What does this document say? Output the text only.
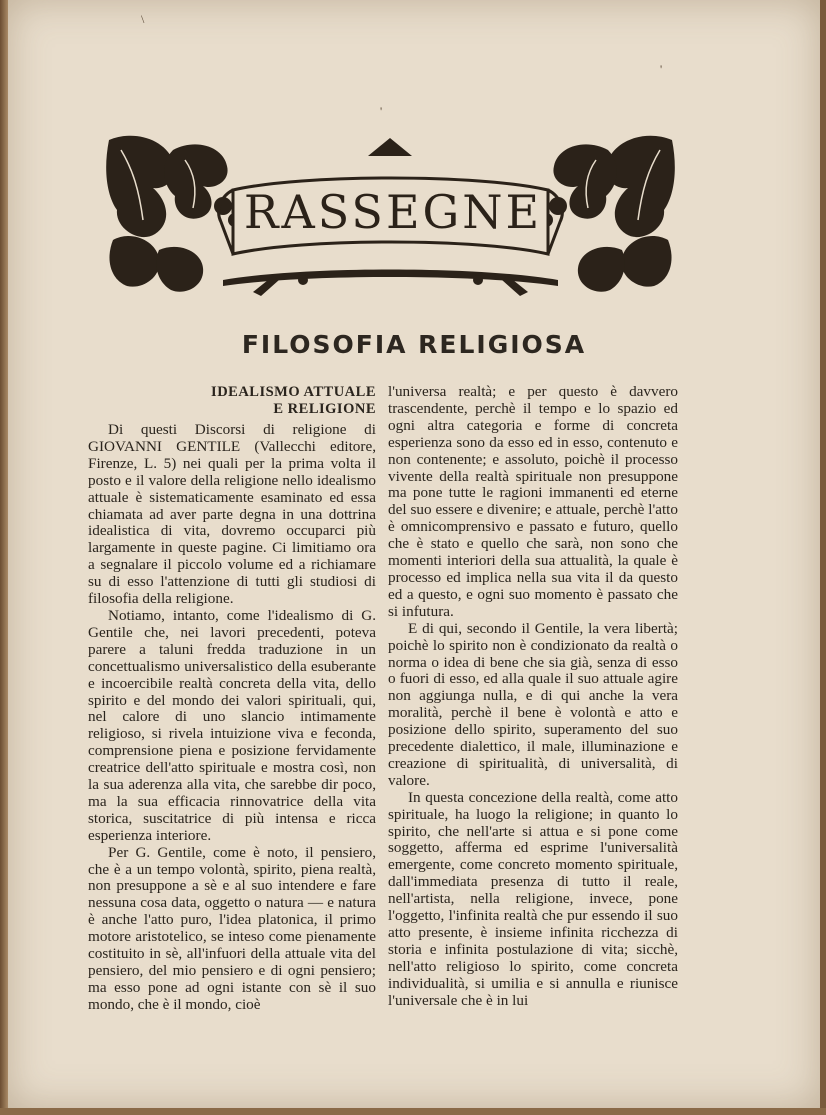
\
'
'
RASSEGNE
FILOSOFIA RELIGIOSA
IDEALISMO ATTUALE
E RELIGIONE

Di questi Discorsi di religione di GIOVANNI GENTILE (Vallecchi editore, Firenze, L. 5) nei quali per la prima volta il posto e il valore della religione nello idealismo attuale è sistematicamente esaminato ed essa chiamata ad aver parte degna in una dottrina idealistica di vita, dovremo occuparci più largamente in queste pagine. Ci limitiamo ora a segnalare il piccolo volume ed a richiamare su di esso l'attenzione di tutti gli studiosi di filosofia della religione.

Notiamo, intanto, come l'idealismo di G. Gentile che, nei lavori precedenti, poteva parere a taluni fredda traduzione in un concettualismo universalistico della esuberante e incoercibile realtà concreta della vita, dello spirito e del mondo dei valori spirituali, qui, nel calore di uno slancio intimamente religioso, si rivela intuizione viva e feconda, comprensione piena e posizione fervidamente creatrice dell'atto spirituale e mostra così, non la sua aderenza alla vita, che sarebbe dir poco, ma la sua efficacia rinnovatrice della vita storica, suscitatrice di più intensa e ricca esperienza interiore.

Per G. Gentile, come è noto, il pensiero, che è a un tempo volontà, spirito, piena realtà, non presuppone a sè e al suo intendere e fare nessuna cosa data, oggetto o natura — e natura è anche l'atto puro, l'idea platonica, il primo motore aristotelico, se inteso come pienamente costituito in sè, all'infuori della attuale vita del pensiero, del mio pensiero e di ogni pensiero; ma esso pone ad ogni istante con sè il suo mondo, che è il mondo, cioè

l'universa realtà; e per questo è davvero trascendente, perchè il tempo e lo spazio ed ogni altra categoria e forme di concreta esperienza sono da esso ed in esso, contenuto e non contenente; e assoluto, poichè il processo vivente della realtà spirituale non presuppone ma pone tutte le ragioni immanenti ed eterne del suo essere e divenire; e attuale, perchè l'atto è omnicomprensivo e passato e futuro, quello che è stato e quello che sarà, non sono che momenti interiori della sua attualità, la quale è processo ed implica nella sua vita il da questo ed a questo, e ogni suo momento è passato che si infutura.

E di qui, secondo il Gentile, la vera libertà; poichè lo spirito non è condizionato da realtà o norma o idea di bene che sia già, senza di esso o fuori di esso, ed alla quale il suo attuale agire non aggiunga nulla, e di qui anche la vera moralità, perchè il bene è volontà e atto e posizione dello spirito, superamento del suo precedente dialettico, il male, illuminazione e creazione di spiritualità, di universalità, di valore.

In questa concezione della realtà, come atto spirituale, ha luogo la religione; in quanto lo spirito, che nell'arte si attua e si pone come soggetto, afferma ed esprime l'universalità emergente, come concreto momento spirituale, dall'immediata presenza di tutto il reale, nell'artista, nella religione, invece, pone l'oggetto, l'infinita realtà che pur essendo il suo atto presente, è insieme infinita ricchezza di storia e infinita postulazione di vita; sicchè, nell'atto religioso lo spirito, come concreta individualità, si umilia e si annulla e riunisce l'universale che è in lui
